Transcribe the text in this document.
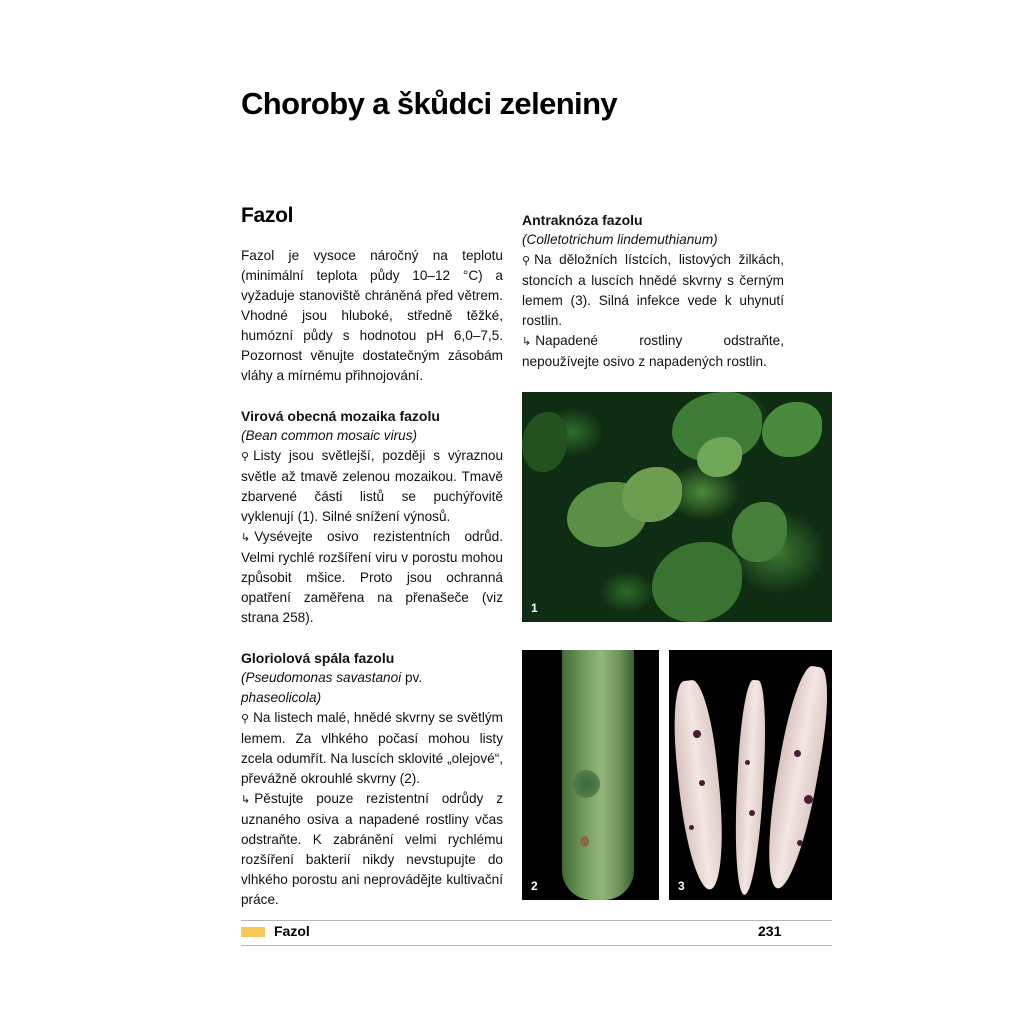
Choroby a škůdci zeleniny
Fazol

Fazol je vysoce náročný na teplotu (minimální teplota půdy 10–12 °C) a vyžaduje stanoviště chráněná před větrem. Vhodné jsou hluboké, středně těžké, humózní půdy s hodnotou pH 6,0–7,5. Pozornost věnujte dostatečným zásobám vláhy a mírnému přihnojování.

Virová obecná mozaika fazolu
(Bean common mosaic virus)

⚲ Listy jsou světlejší, později s výraznou světle až tmavě zelenou mozaikou. Tmavě zbarvené části listů se puchýřovitě vyklenují (1). Silné snížení výnosů.

↳ Vysévejte osivo rezistentních odrůd. Velmi rychlé rozšíření viru v porostu mohou způsobit mšice. Proto jsou ochranná opatření zaměřena na přenašeče (viz strana 258).

Gloriolová spála fazolu
(Pseudomonas savastanoi pv. phaseolicola)

⚲ Na listech malé, hnědé skvrny se světlým lemem. Za vlhkého počasí mohou listy zcela odumřít. Na luscích sklovité „olejové“, převážně okrouhlé skvrny (2).

↳ Pěstujte pouze rezistentní odrůdy z uznaného osiva a napadené rostliny včas odstraňte. K zabránění velmi rychlému rozšíření bakterií nikdy nevstupujte do vlhkého porostu ani neprovádějte kultivační práce.

Antraknóza fazolu
(Colletotrichum lindemuthianum)

⚲ Na děložních lístcích, listových žilkách, stoncích a luscích hnědé skvrny s černým lemem (3). Silná infekce vede k uhynutí rostlin.

↳ Napadené rostliny odstraňte, nepoužívejte osivo z napadených rostlin.

1
2	3
Fazol	231
